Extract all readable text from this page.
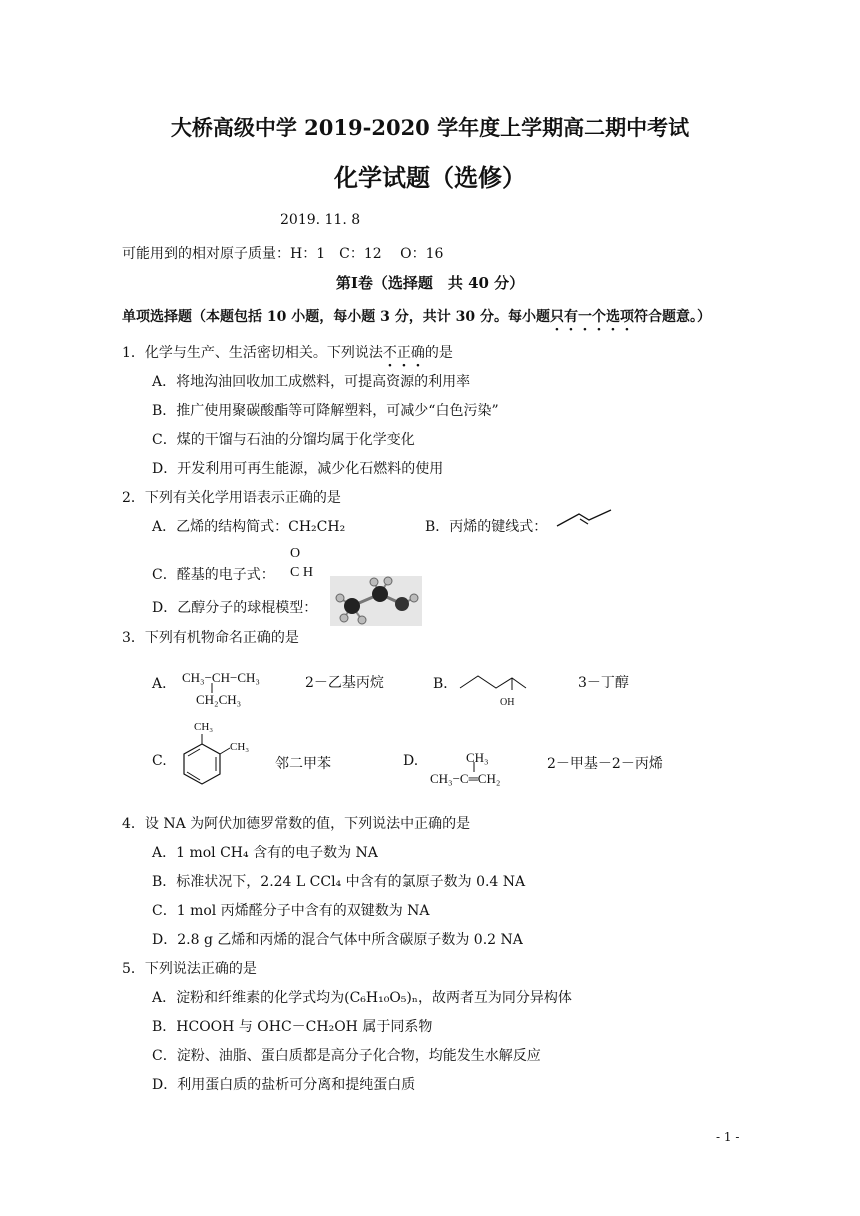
大桥高级中学 2019-2020 学年度上学期高二期中考试
化学试题（选修）
2019. 11. 8
可能用到的相对原子质量：H：1　C：12　 O：16
第Ⅰ卷（选择题　共 40 分）
单项选择题（本题包括 10 小题，每小题 3 分，共计 30 分。每小题只有一个选项符合题意。）
1．化学与生产、生活密切相关。下列说法不正确的是
A．将地沟油回收加工成燃料，可提高资源的利用率
B．推广使用聚碳酸酯等可降解塑料，可减少“白色污染”
C．煤的干馏与石油的分馏均属于化学变化
D．开发利用可再生能源，减少化石燃料的使用
2．下列有关化学用语表示正确的是
A．乙烯的结构简式：CH₂CH₂	B．丙烯的键线式：
C．醛基的电子式：
O
C H
D．乙醇分子的球棍模型：
3．下列有机物命名正确的是
A． CH₃−CH−CH₃
CH₂CH₃
2－乙基丙烷	B．
OH
3－丁醇
C.
CH₃
CH₃
邻二甲苯	D.	CH₃
CH₃−C═CH₂
2－甲基－2－丙烯
4．设 NA 为阿伏加德罗常数的值，下列说法中正确的是
A．1 mol CH₄ 含有的电子数为 NA
B．标准状况下，2.24 L CCl₄ 中含有的氯原子数为 0.4 NA
C．1 mol 丙烯醛分子中含有的双键数为 NA
D．2.8 g 乙烯和丙烯的混合气体中所含碳原子数为 0.2 NA
5．下列说法正确的是
A．淀粉和纤维素的化学式均为(C₆H₁₀O₅)ₙ，故两者互为同分异构体
B．HCOOH 与 OHC－CH₂OH 属于同系物
C．淀粉、油脂、蛋白质都是高分子化合物，均能发生水解反应
D．利用蛋白质的盐析可分离和提纯蛋白质
- 1 -
